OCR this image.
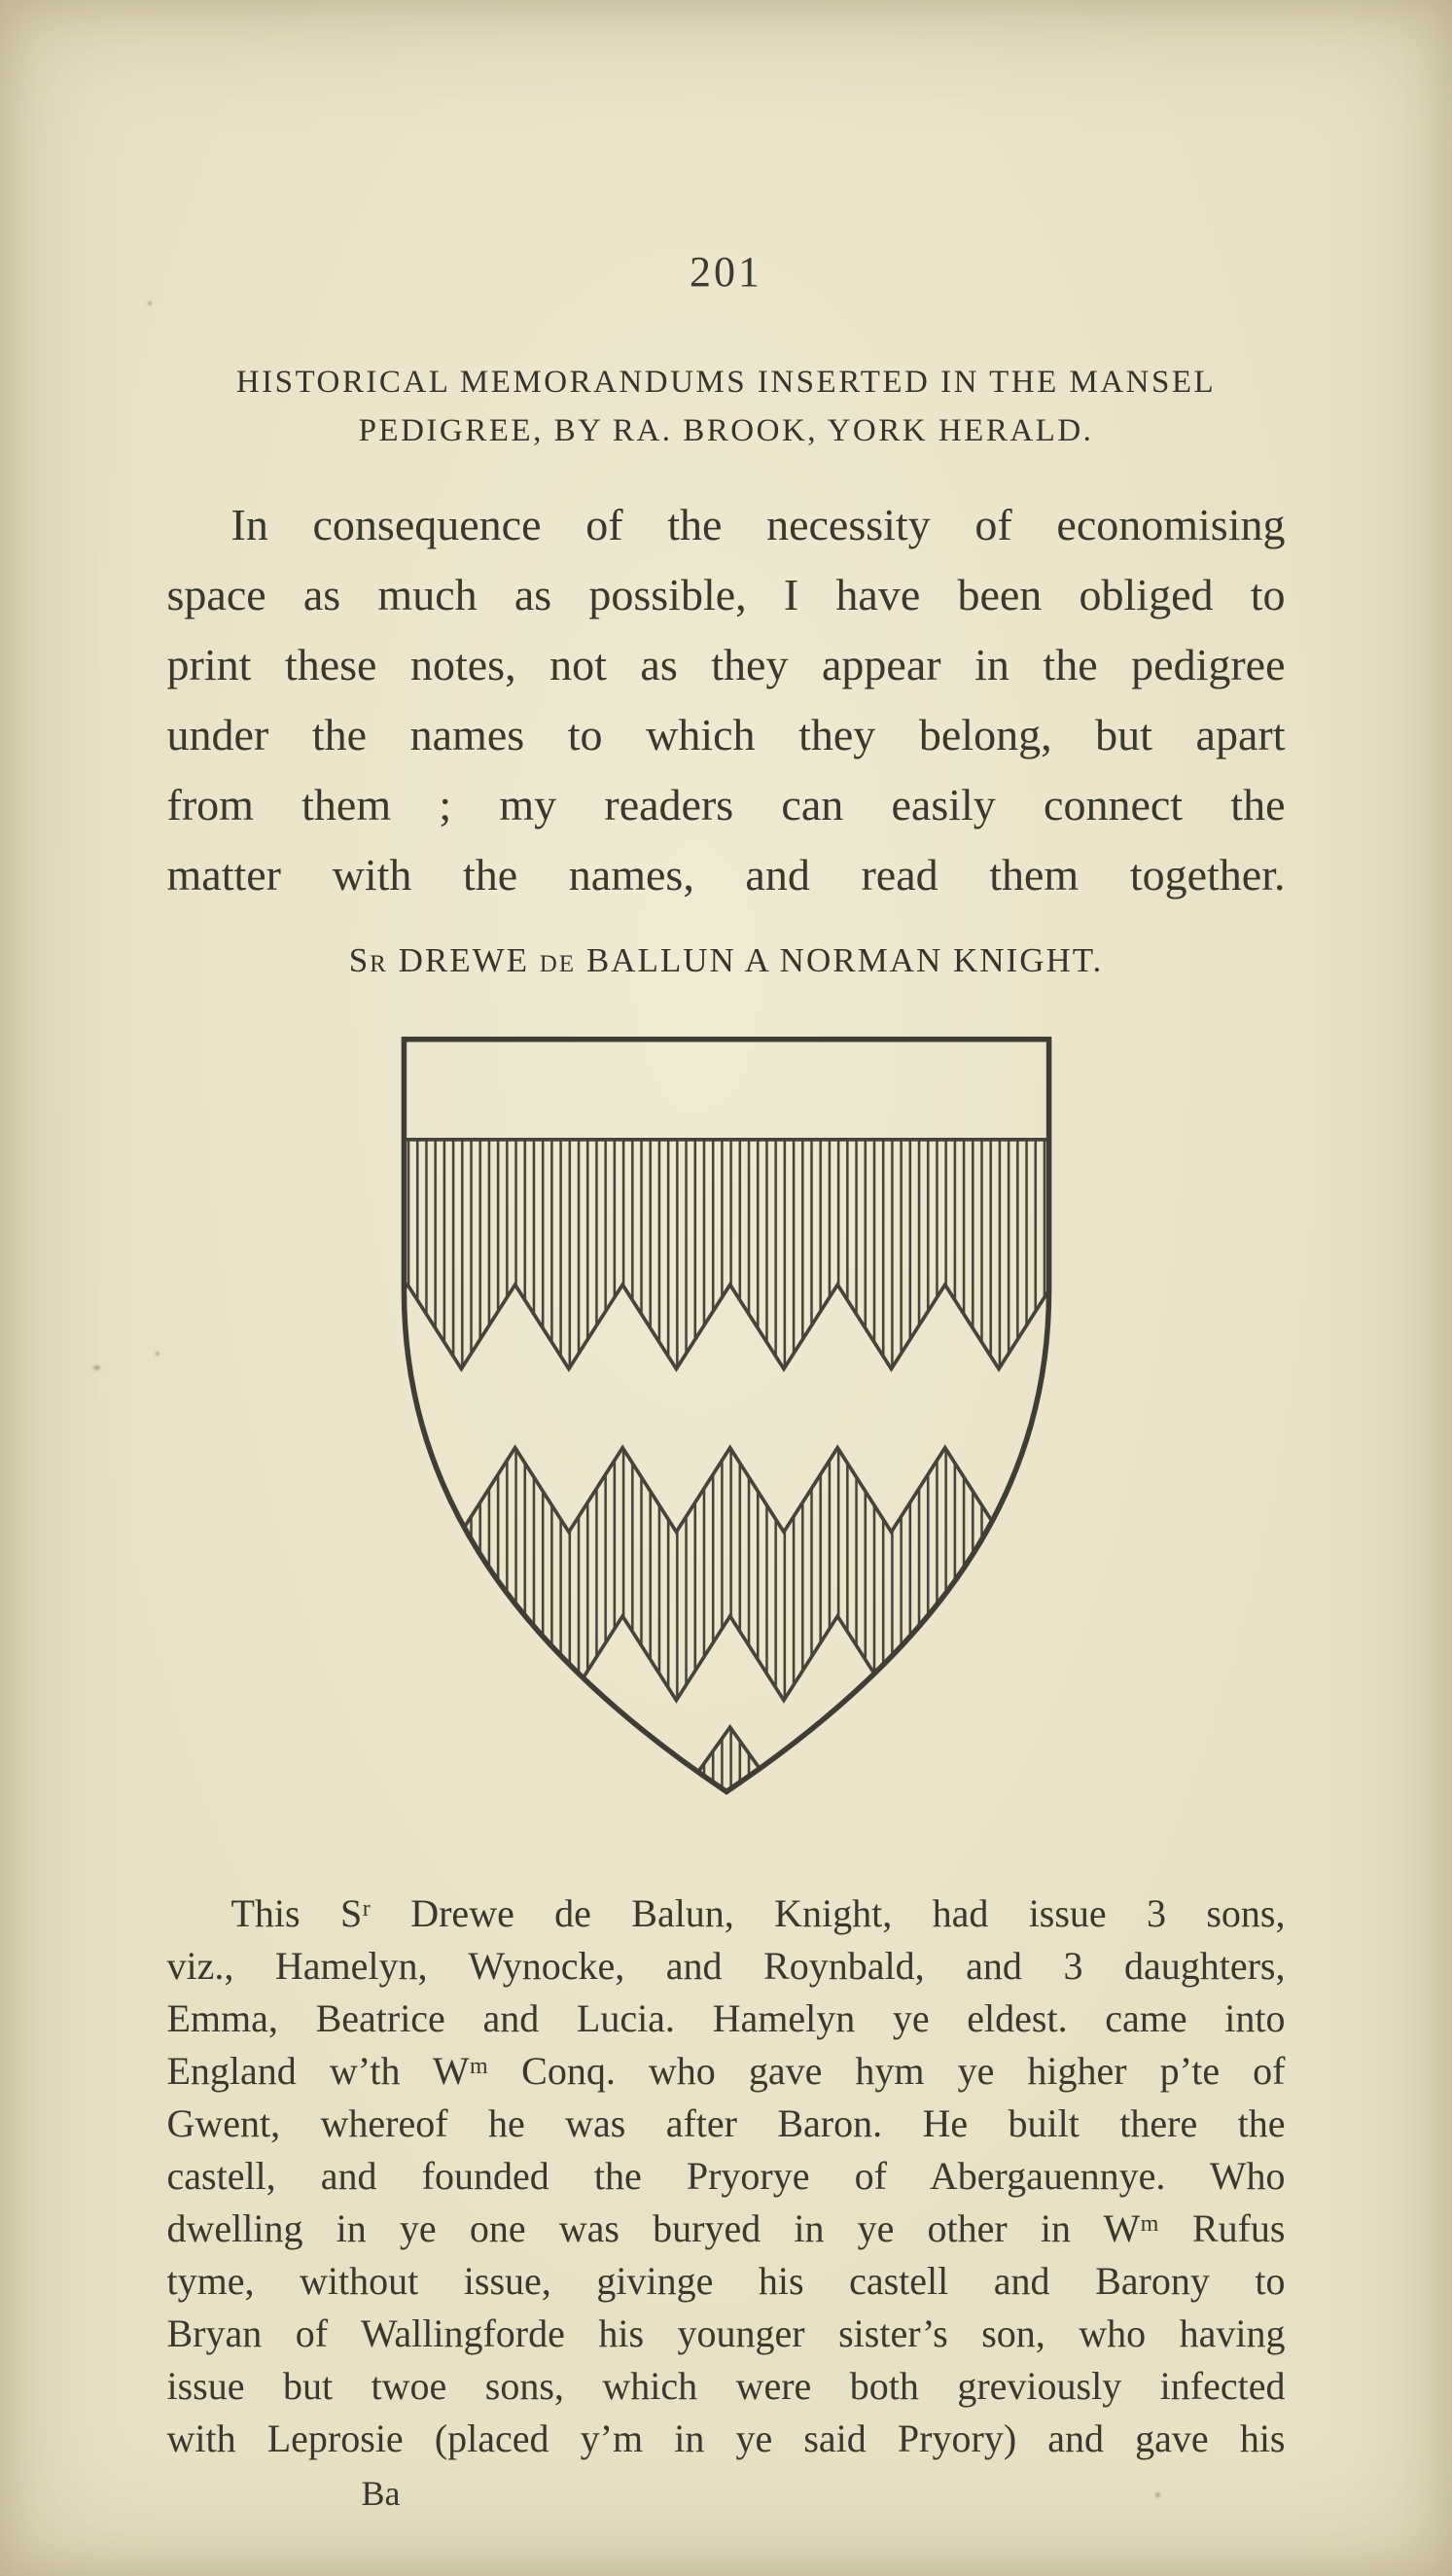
201
HISTORICAL MEMORANDUMS INSERTED IN THE MANSEL
PEDIGREE, BY RA. BROOK, YORK HERALD.
In consequence of the necessity of economising
space as much as possible, I have been obliged to
print these notes, not as they appear in the pedigree
under the names to which they belong, but apart
from them ; my readers can easily connect the
matter with the names, and read them together.
Sr DREWE de BALLUN A NORMAN KNIGHT.
This Sʳ Drewe de Balun, Knight, had issue 3 sons,
viz., Hamelyn, Wynocke, and Roynbald, and 3 daughters,
Emma, Beatrice and Lucia. Hamelyn ye eldest. came into
England w’th Wᵐ Conq. who gave hym ye higher p’te of
Gwent, whereof he was after Baron. He built there the
castell, and founded the Pryorye of Abergauennye. Who
dwelling in ye one was buryed in ye other in Wᵐ Rufus
tyme, without issue, givinge his castell and Barony to
Bryan of Wallingforde his younger sister’s son, who having
issue but twoe sons, which were both greviously infected
with Leprosie (placed y’m in ye said Pryory) and gave his
Ba
